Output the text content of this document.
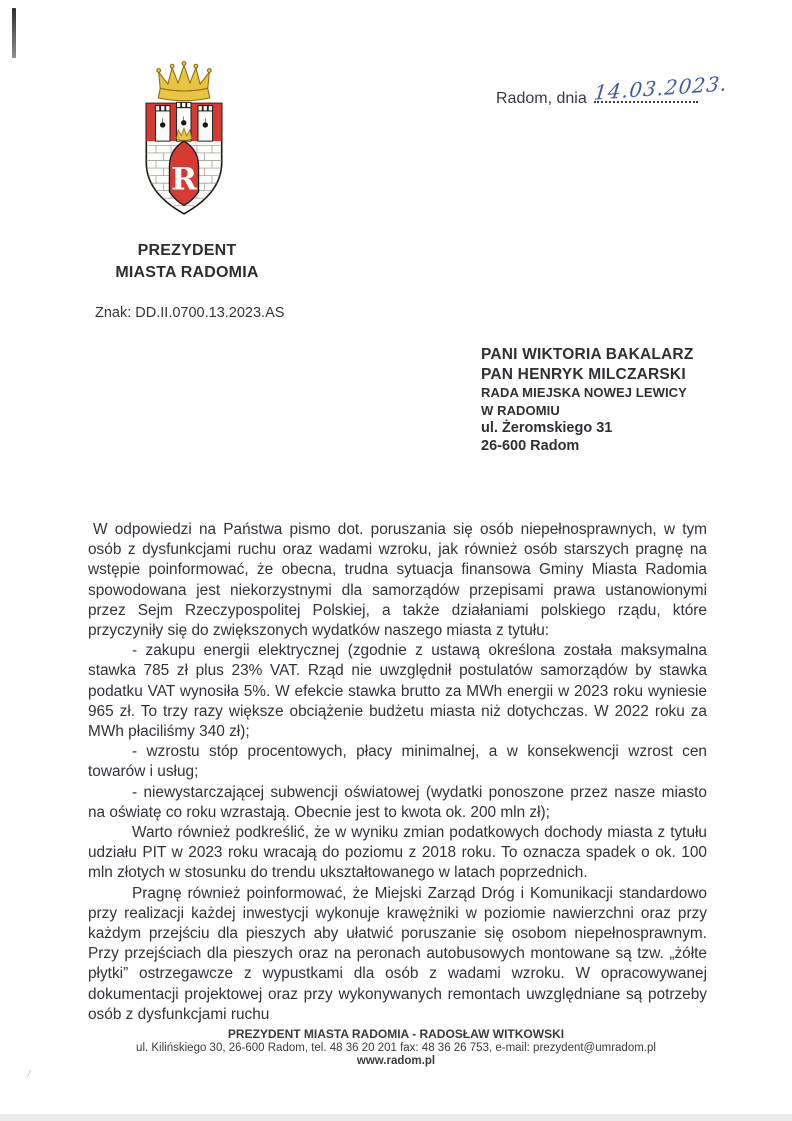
R
Radom, dnia 14.03.2023.
PREZYDENT
MIASTA RADOMIA
Znak: DD.II.0700.13.2023.AS
PANI WIKTORIA BAKALARZ
PAN HENRYK MILCZARSKI
RADA MIEJSKA NOWEJ LEWICY
W RADOMIU
ul. Żeromskiego 31
26-600 Radom

W odpowiedzi na Państwa pismo dot. poruszania się osób niepełnosprawnych, w tym osób z dysfunkcjami ruchu oraz wadami wzroku, jak również osób starszych pragnę na wstępie poinformować, że obecna, trudna sytuacja finansowa Gminy Miasta Radomia spowodowana jest niekorzystnymi dla samorządów przepisami prawa ustanowionymi przez Sejm Rzeczypospolitej Polskiej, a także działaniami polskiego rządu, które przyczyniły się do zwiększonych wydatków naszego miasta z tytułu:

- zakupu energii elektrycznej (zgodnie z ustawą określona została maksymalna stawka 785 zł plus 23% VAT. Rząd nie uwzględnił postulatów samorządów by stawka podatku VAT wynosiła 5%. W efekcie stawka brutto za MWh energii w 2023 roku wyniesie 965 zł. To trzy razy większe obciążenie budżetu miasta niż dotychczas. W 2022 roku za MWh płaciliśmy 340 zł);

- wzrostu stóp procentowych, płacy minimalnej, a w konsekwencji wzrost cen towarów i usług;

- niewystarczającej subwencji oświatowej (wydatki ponoszone przez nasze miasto na oświatę co roku wzrastają. Obecnie jest to kwota ok. 200 mln zł);

Warto również podkreślić, że w wyniku zmian podatkowych dochody miasta z tytułu udziału PIT w 2023 roku wracają do poziomu z 2018 roku. To oznacza spadek o ok. 100 mln złotych w stosunku do trendu ukształtowanego w latach poprzednich.

Pragnę również poinformować, że Miejski Zarząd Dróg i Komunikacji standardowo przy realizacji każdej inwestycji wykonuje krawężniki w poziomie nawierzchni oraz przy każdym przejściu dla pieszych aby ułatwić poruszanie się osobom niepełnosprawnym. Przy przejściach dla pieszych oraz na peronach autobusowych montowane są tzw. „żółte płytki” ostrzegawcze z wypustkami dla osób z wadami wzroku. W opracowywanej dokumentacji projektowej oraz przy wykonywanych remontach uwzględniane są potrzeby osób z dysfunkcjami ruchu

PREZYDENT MIASTA RADOMIA - RADOSŁAW WITKOWSKI
ul. Kilińskiego 30, 26-600 Radom, tel. 48 36 20 201 fax: 48 36 26 753, e-mail: prezydent@umradom.pl
www.radom.pl
